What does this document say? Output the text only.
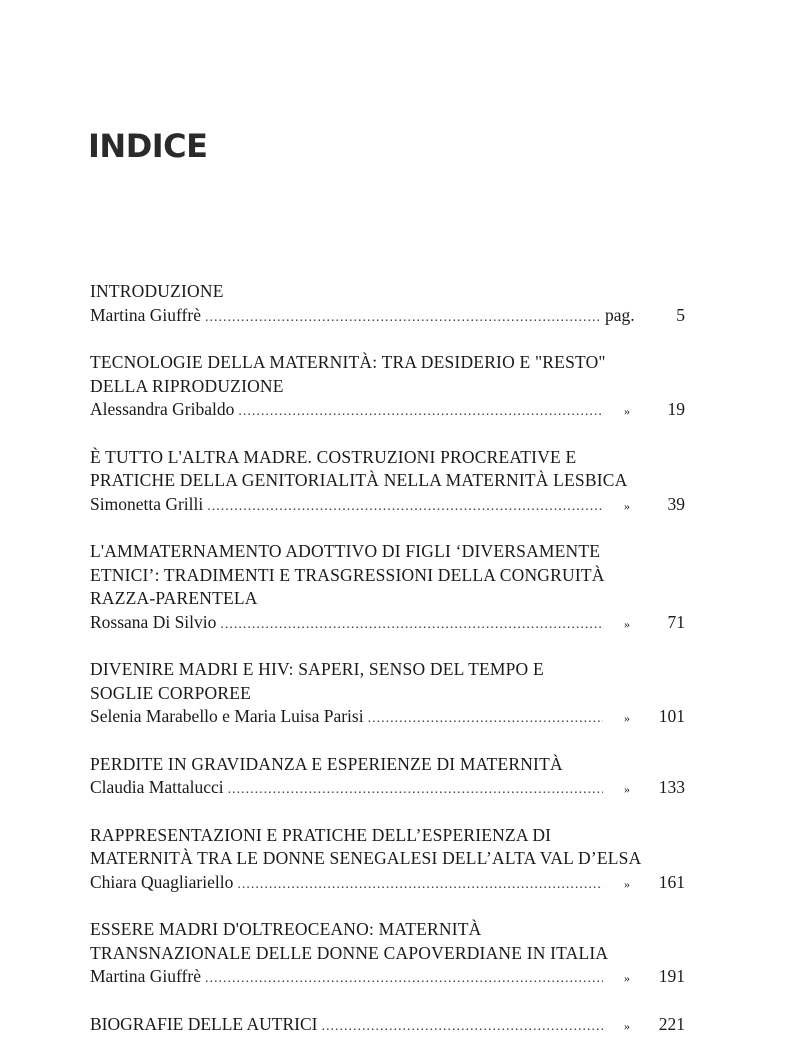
INDICE
INTRODUZIONE
Martina Giuffrè .....	pag.	5
TECNOLOGIE DELLA MATERNITÀ: TRA DESIDERIO E "RESTO"
DELLA RIPRODUZIONE
Alessandra Gribaldo .....	»	19
È TUTTO L'ALTRA MADRE. COSTRUZIONI PROCREATIVE E
PRATICHE DELLA GENITORIALITÀ NELLA MATERNITÀ LESBICA
Simonetta Grilli .....	»	39
L'AMMATERNAMENTO ADOTTIVO DI FIGLI ‘DIVERSAMENTE
ETNICI’: TRADIMENTI E TRASGRESSIONI DELLA CONGRUITÀ
RAZZA-PARENTELA
Rossana Di Silvio .....	»	71
DIVENIRE MADRI E HIV: SAPERI, SENSO DEL TEMPO E
SOGLIE CORPOREE
Selenia Marabello e Maria Luisa Parisi .....	»	101
PERDITE IN GRAVIDANZA E ESPERIENZE DI MATERNITÀ
Claudia Mattalucci .....	»	133
RAPPRESENTAZIONI E PRATICHE DELL’ESPERIENZA DI
MATERNITÀ TRA LE DONNE SENEGALESI DELL’ALTA VAL D’ELSA
Chiara Quagliariello .....	»	161
ESSERE MADRI D'OLTREOCEANO: MATERNITÀ
TRANSNAZIONALE DELLE DONNE CAPOVERDIANE IN ITALIA
Martina Giuffrè .....	»	191
BIOGRAFIE DELLE AUTRICI .....	»	221
